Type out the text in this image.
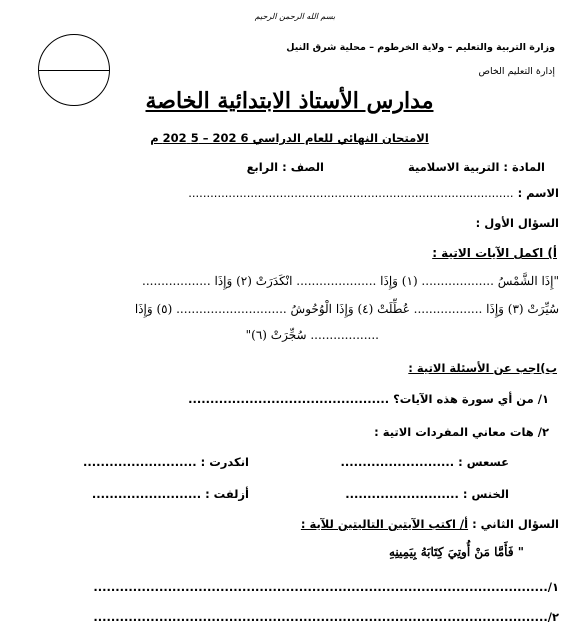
بسم الله الرحمن الرحيم
وزارة التربية والتعليم – ولاية الخرطوم – محلية شرق النيل
إدارة التعليم الخاص
مدارس الأستاذ الابتدائية الخاصة
الامتحان النهائي للعام الدراسي 6 202 – 5 202 م
المادة : التربية الاسلامية
الصف : الرابع
الاسم : .........................................................................................
السؤال الأول :
أ) اكمل الآيات الاتية :
"إِذَا الشَّمْسُ ................... (١) وَإِذَا ..................... انْكَدَرَتْ (٢) وَإِذَا ..................
سُيِّرَتْ (٣) وَإِذَا .................. عُطِّلَتْ (٤) وَإِذَا الْوُحُوشُ ............................. (٥) وَإِذَا
.................. سُجِّرَتْ (٦)"
ب)اجب عن الأسئلة الاتية :
١/ من أي سورة هذه الآيات؟ ..............................................
٢/ هات معاني المفردات الاتية :
عسعس : ..........................
انكدرت : ..........................
الخنس : ..........................
أزلفت : .........................
السؤال الثاني : أ/ اكتب الآيتين التاليتين للآية :
" فَأَمَّا مَنْ أُوتِيَ كِتَابَهُ بِيَمِينِهِ
١/........................................................................................................
٢/........................................................................................................
